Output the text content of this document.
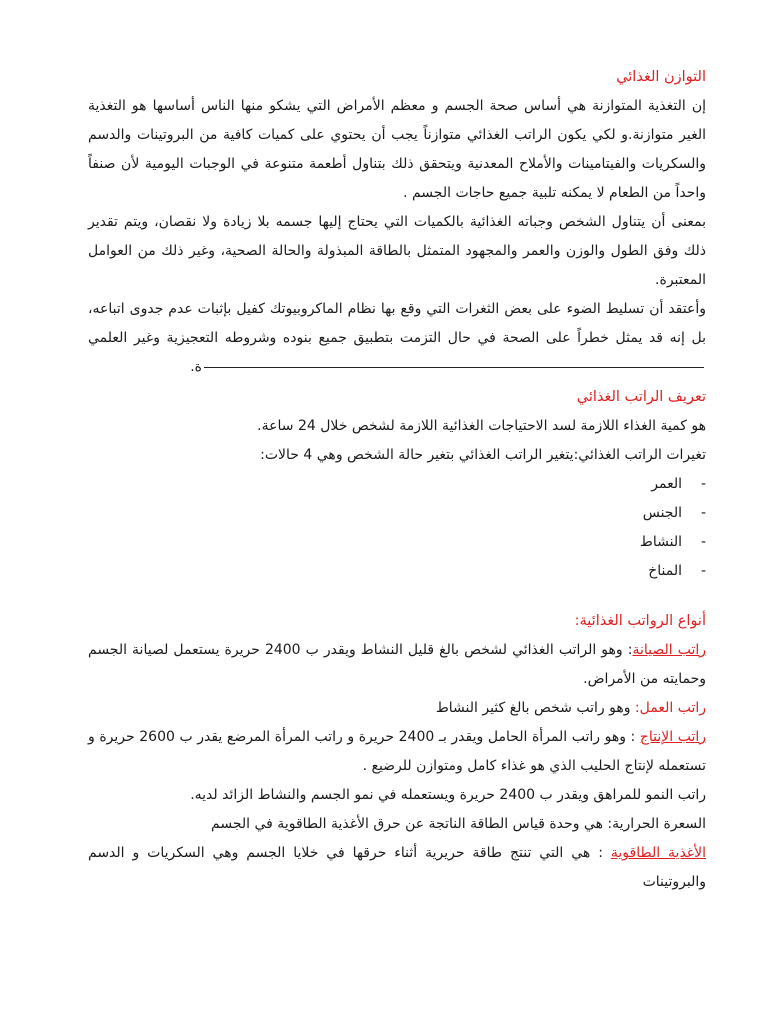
التوازن الغذائي

إن التغذية المتوازنة هي أساس صحة الجسم و معظم الأمراض التي يشكو منها الناس أساسها هو التغذية الغير متوازنة.و لكي يكون الراتب الغذائي متوازناً يجب أن يحتوي على كميات كافية من البروتينات والدسم والسكريات والفيتامينات والأملاح المعدنية ويتحقق ذلك بتناول أطعمة متنوعة في الوجبات اليومية لأن صنفاً واحداً من الطعام لا يمكنه تلبية جميع حاجات الجسم .

بمعنى أن يتناول الشخص وجباته الغذائية بالكميات التي يحتاج إليها جسمه بلا زيادة ولا نقصان، ويتم تقدير ذلك وفق الطول والوزن والعمر والمجهود المتمثل بالطاقة المبذولة والحالة الصحية، وغير ذلك من العوامل المعتبرة.

وأعتقد أن تسليط الضوء على بعض الثغرات التي وقع بها نظام الماكروبيوتك كفيل بإثبات عدم جدوى اتباعه، بل إنه قد يمثل خطراً على الصحة في حال التزمت بتطبيق جميع بنوده وشروطه التعجيزية وغير العلمية.

تعريف الراتب الغذائي

هو كمية الغذاء اللازمة لسد الاحتياجات الغذائية اللازمة لشخص خلال 24 ساعة.

تغيرات الراتب الغذائي:يتغير الراتب الغذائي بتغير حالة الشخص وهي 4 حالات:

-
العمر
-
الجنس
-
النشاط
-
المناخ
أنواع الرواتب الغذائية:

راتب الصيانة: وهو الراتب الغذائي لشخص بالغ قليل النشاط ويقدر ب 2400 حريرة يستعمل لصيانة الجسم وحمايته من الأمراض.

راتب العمل: وهو راتب شخص بالغ كثير النشاط

راتب الإنتاج : وهو راتب المرأة الحامل ويقدر بـ 2400 حريرة و راتب المرأة المرضع يقدر ب 2600 حريرة و تستعمله لإنتاج الحليب الذي هو غذاء كامل ومتوازن للرضيع .

راتب النمو للمراهق ويقدر ب 2400 حريرة ويستعمله في نمو الجسم والنشاط الزائد لديه.

السعرة الحرارية: هي وحدة قياس الطاقة الناتجة عن حرق الأغذية الطاقوية في الجسم

الأغذية الطاقوية : هي التي تنتج طاقة حريرية أثناء حرقها في خلايا الجسم وهي السكريات و الدسم والبروتينات
